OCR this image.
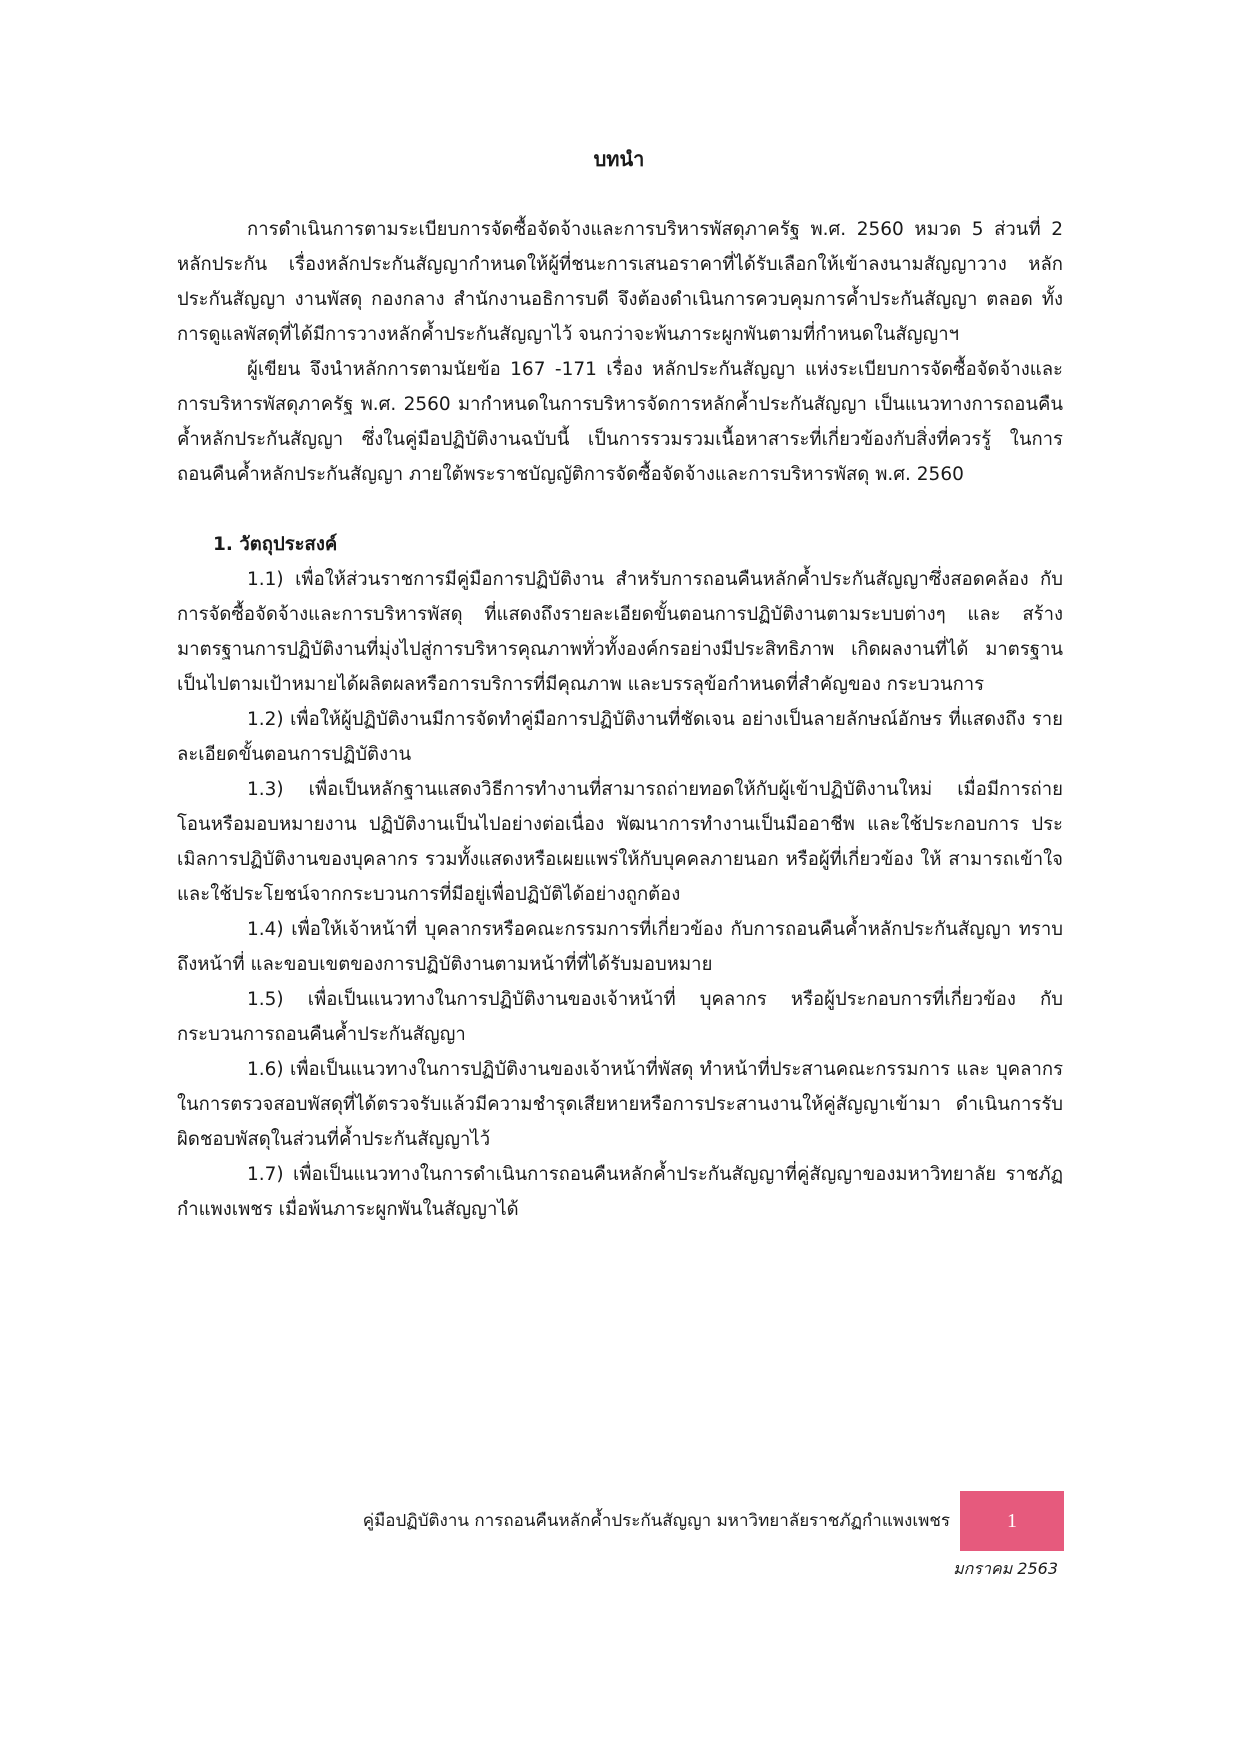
บทนำ

การดำเนินการตามระเบียบการจัดซื้อจัดจ้างและการบริหารพัสดุภาครัฐ พ.ศ. 2560 หมวด 5 ส่วนที่ 2 หลักประกัน เรื่องหลักประกันสัญญากำหนดให้ผู้ที่ชนะการเสนอราคาที่ได้รับเลือกให้เข้าลงนามสัญญาวาง หลักประกันสัญญา งานพัสดุ กองกลาง สำนักงานอธิการบดี จึงต้องดำเนินการควบคุมการค้ำประกันสัญญา ตลอด ทั้งการดูแลพัสดุที่ได้มีการวางหลักค้ำประกันสัญญาไว้ จนกว่าจะพ้นภาระผูกพันตามที่กำหนดในสัญญาฯ

ผู้เขียน จึงนำหลักการตามนัยข้อ 167 -171 เรื่อง หลักประกันสัญญา แห่งระเบียบการจัดซื้อจัดจ้างและ การบริหารพัสดุภาครัฐ พ.ศ. 2560 มากำหนดในการบริหารจัดการหลักค้ำประกันสัญญา เป็นแนวทางการถอนคืน ค้ำหลักประกันสัญญา ซึ่งในคู่มือปฏิบัติงานฉบับนี้ เป็นการรวมรวมเนื้อหาสาระที่เกี่ยวข้องกับสิ่งที่ควรรู้ ในการ ถอนคืนค้ำหลักประกันสัญญา ภายใต้พระราชบัญญัติการจัดซื้อจัดจ้างและการบริหารพัสดุ พ.ศ. 2560

1. วัตถุประสงค์

1.1) เพื่อให้ส่วนราชการมีคู่มือการปฏิบัติงาน สำหรับการถอนคืนหลักค้ำประกันสัญญาซึ่งสอดคล้อง กับการจัดซื้อจัดจ้างและการบริหารพัสดุ ที่แสดงถึงรายละเอียดขั้นตอนการปฏิบัติงานตามระบบต่างๆ และ สร้างมาตรฐานการปฏิบัติงานที่มุ่งไปสู่การบริหารคุณภาพทั่วทั้งองค์กรอย่างมีประสิทธิภาพ เกิดผลงานที่ได้ มาตรฐานเป็นไปตามเป้าหมายได้ผลิตผลหรือการบริการที่มีคุณภาพ และบรรลุข้อกำหนดที่สำคัญของ กระบวนการ

1.2) เพื่อให้ผู้ปฏิบัติงานมีการจัดทำคู่มือการปฏิบัติงานที่ชัดเจน อย่างเป็นลายลักษณ์อักษร ที่แสดงถึง รายละเอียดขั้นตอนการปฏิบัติงาน

1.3) เพื่อเป็นหลักฐานแสดงวิธีการทำงานที่สามารถถ่ายทอดให้กับผู้เข้าปฏิบัติงานใหม่ เมื่อมีการถ่าย โอนหรือมอบหมายงาน ปฏิบัติงานเป็นไปอย่างต่อเนื่อง พัฒนาการทำงานเป็นมืออาชีพ และใช้ประกอบการ ประเมิลการปฏิบัติงานของบุคลากร รวมทั้งแสดงหรือเผยแพร่ให้กับบุคคลภายนอก หรือผู้ที่เกี่ยวข้อง ให้ สามารถเข้าใจและใช้ประโยชน์จากกระบวนการที่มีอยู่เพื่อปฏิบัติได้อย่างถูกต้อง

1.4) เพื่อให้เจ้าหน้าที่ บุคลากรหรือคณะกรรมการที่เกี่ยวข้อง กับการถอนคืนค้ำหลักประกันสัญญา ทราบถึงหน้าที่ และขอบเขตของการปฏิบัติงานตามหน้าที่ที่ได้รับมอบหมาย

1.5) เพื่อเป็นแนวทางในการปฏิบัติงานของเจ้าหน้าที่ บุคลากร หรือผู้ประกอบการที่เกี่ยวข้อง กับ กระบวนการถอนคืนค้ำประกันสัญญา

1.6) เพื่อเป็นแนวทางในการปฏิบัติงานของเจ้าหน้าที่พัสดุ ทำหน้าที่ประสานคณะกรรมการ และ บุคลากร ในการตรวจสอบพัสดุที่ได้ตรวจรับแล้วมีความชำรุดเสียหายหรือการประสานงานให้คู่สัญญาเข้ามา ดำเนินการรับผิดชอบพัสดุในส่วนที่ค้ำประกันสัญญาไว้

1.7) เพื่อเป็นแนวทางในการดำเนินการถอนคืนหลักค้ำประกันสัญญาที่คู่สัญญาของมหาวิทยาลัย ราชภัฏกำแพงเพชร เมื่อพ้นภาระผูกพันในสัญญาได้

คู่มือปฏิบัติงาน การถอนคืนหลักค้ำประกันสัญญา มหาวิทยาลัยราชภัฏกำแพงเพชร	1
มกราคม 2563
